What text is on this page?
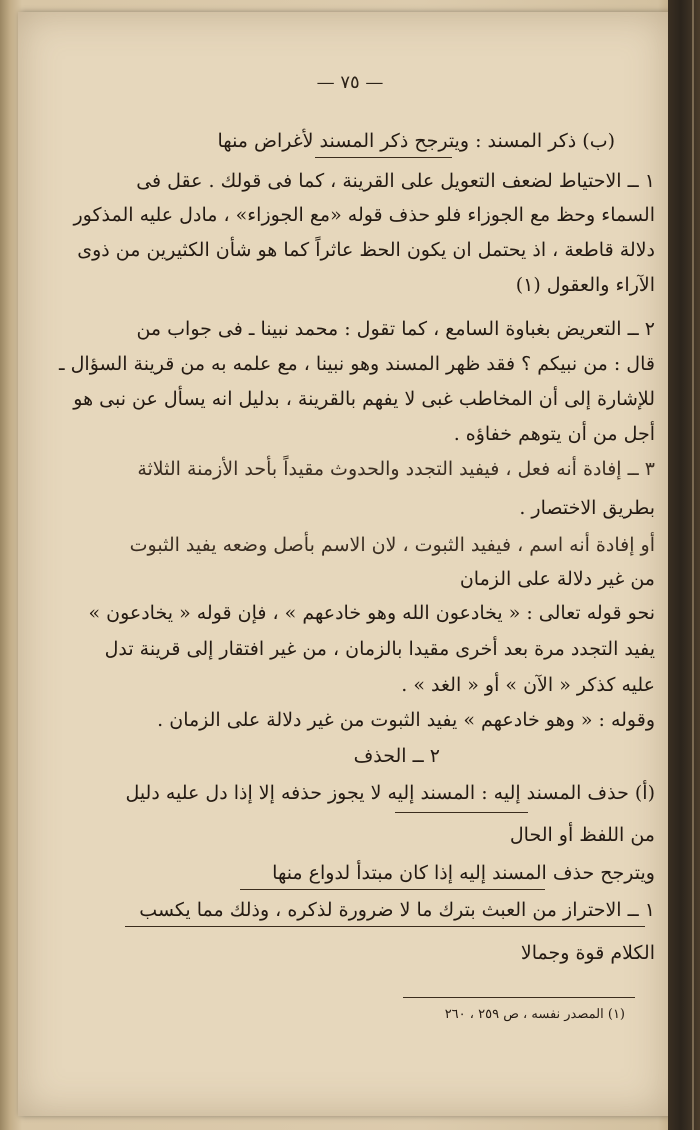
— ٧٥ —
(ب) ذكر المسند : ويترجح ذكر المسند لأغراض منها
١ ــ الاحتياط لضعف التعويل على القرينة ، كما فى قولك . عقل فى
السماء وحظ مع الجوزاء فلو حذف قوله «مع الجوزاء» ، مادل عليه المذكور
دلالة قاطعة ، اذ يحتمل ان يكون الحظ عاثراً كما هو شأن الكثيرين من ذوى
الآراء والعقول (١)
٢ ــ التعريض بغباوة السامع ، كما تقول : محمد نبينا ـ فى جواب من
قال : من نبيكم ؟ فقد ظهر المسند وهو نبينا ، مع علمه به من قرينة السؤال ـ
للإشارة إلى أن المخاطب غبى لا يفهم بالقرينة ، بدليل انه يسأل عن نبى هو
أجل من أن يتوهم خفاؤه .
٣ ــ إفادة أنه فعل ، فيفيد التجدد والحدوث مقيداً بأحد الأزمنة الثلاثة
بطريق الاختصار .
أو إفادة أنه اسم ، فيفيد الثبوت ، لان الاسم بأصل وضعه يفيد الثبوت
من غير دلالة على الزمان
نحو قوله تعالى : « يخادعون الله وهو خادعهم » ، فإن قوله « يخادعون »
يفيد التجدد مرة بعد أخرى مقيدا بالزمان ، من غير افتقار إلى قرينة تدل
عليه كذكر « الآن » أو « الغد » .
وقوله : « وهو خادعهم » يفيد الثبوت من غير دلالة على الزمان .
٢ ــ الحذف
(أ) حذف المسند إليه : المسند إليه لا يجوز حذفه إلا إذا دل عليه دليل
من اللفظ أو الحال
ويترجح حذف المسند إليه إذا كان مبتدأ لدواع منها
١ ــ الاحتراز من العبث بترك ما لا ضرورة لذكره ، وذلك مما يكسب
الكلام قوة وجمالا
(١) المصدر نفسه ، ص ٢٥٩ ، ٢٦٠
